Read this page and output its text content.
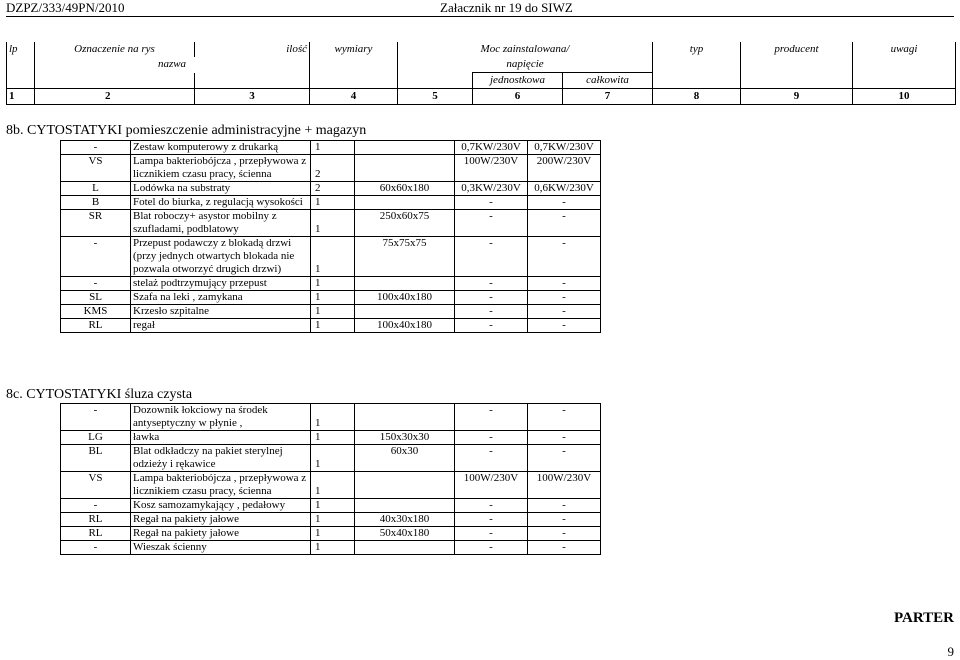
DZPZ/333/49PN/2010	Załacznik nr 19 do SIWZ
lp	Oznaczenie na rys	ilość	wymiary	Moc zainstalowana/			typ	producent	uwagi
	nazwa			napięcie					
					jednostkowa	całkowita			
1	2	3	4	5	6	7	8	9	10
8b. CYTOSTATYKI pomieszczenie administracyjne + magazyn
-	Zestaw komputerowy z drukarką	1		0,7KW/230V	0,7KW/230V
VS	Lampa bakteriobójcza , przepływowa z licznikiem czasu pracy, ścienna	2		100W/230V	200W/230V
L	Lodówka na substraty	2	60x60x180	0,3KW/230V	0,6KW/230V
B	Fotel do biurka, z regulacją wysokości	1		-	-
SR	Blat roboczy+ asystor mobilny z szufladami, podblatowy	1	250x60x75	-	-
-	Przepust podawczy z blokadą drzwi (przy jednych otwartych blokada nie pozwala otworzyć drugich drzwi)	1	75x75x75	-	-
-	stelaż podtrzymujący przepust	1		-	-
SL	Szafa na leki , zamykana	1	100x40x180	-	-
KMS	Krzesło szpitalne	1		-	-
RL	regał	1	100x40x180	-	-
8c. CYTOSTATYKI śluza czysta
-	Dozownik łokciowy na środek antyseptyczny w płynie ,	1		-	-
LG	ławka	1	150x30x30	-	-
BL	Blat odkładczy na pakiet sterylnej odzieży i rękawice	1	60x30	-	-
VS	Lampa bakteriobójcza , przepływowa z licznikiem czasu pracy, ścienna	1		100W/230V	100W/230V
-	Kosz samozamykający , pedałowy	1		-	-
RL	Regał na pakiety jałowe	1	40x30x180	-	-
RL	Regał na pakiety jałowe	1	50x40x180	-	-
-	Wieszak ścienny	1		-	-
PARTER
9
